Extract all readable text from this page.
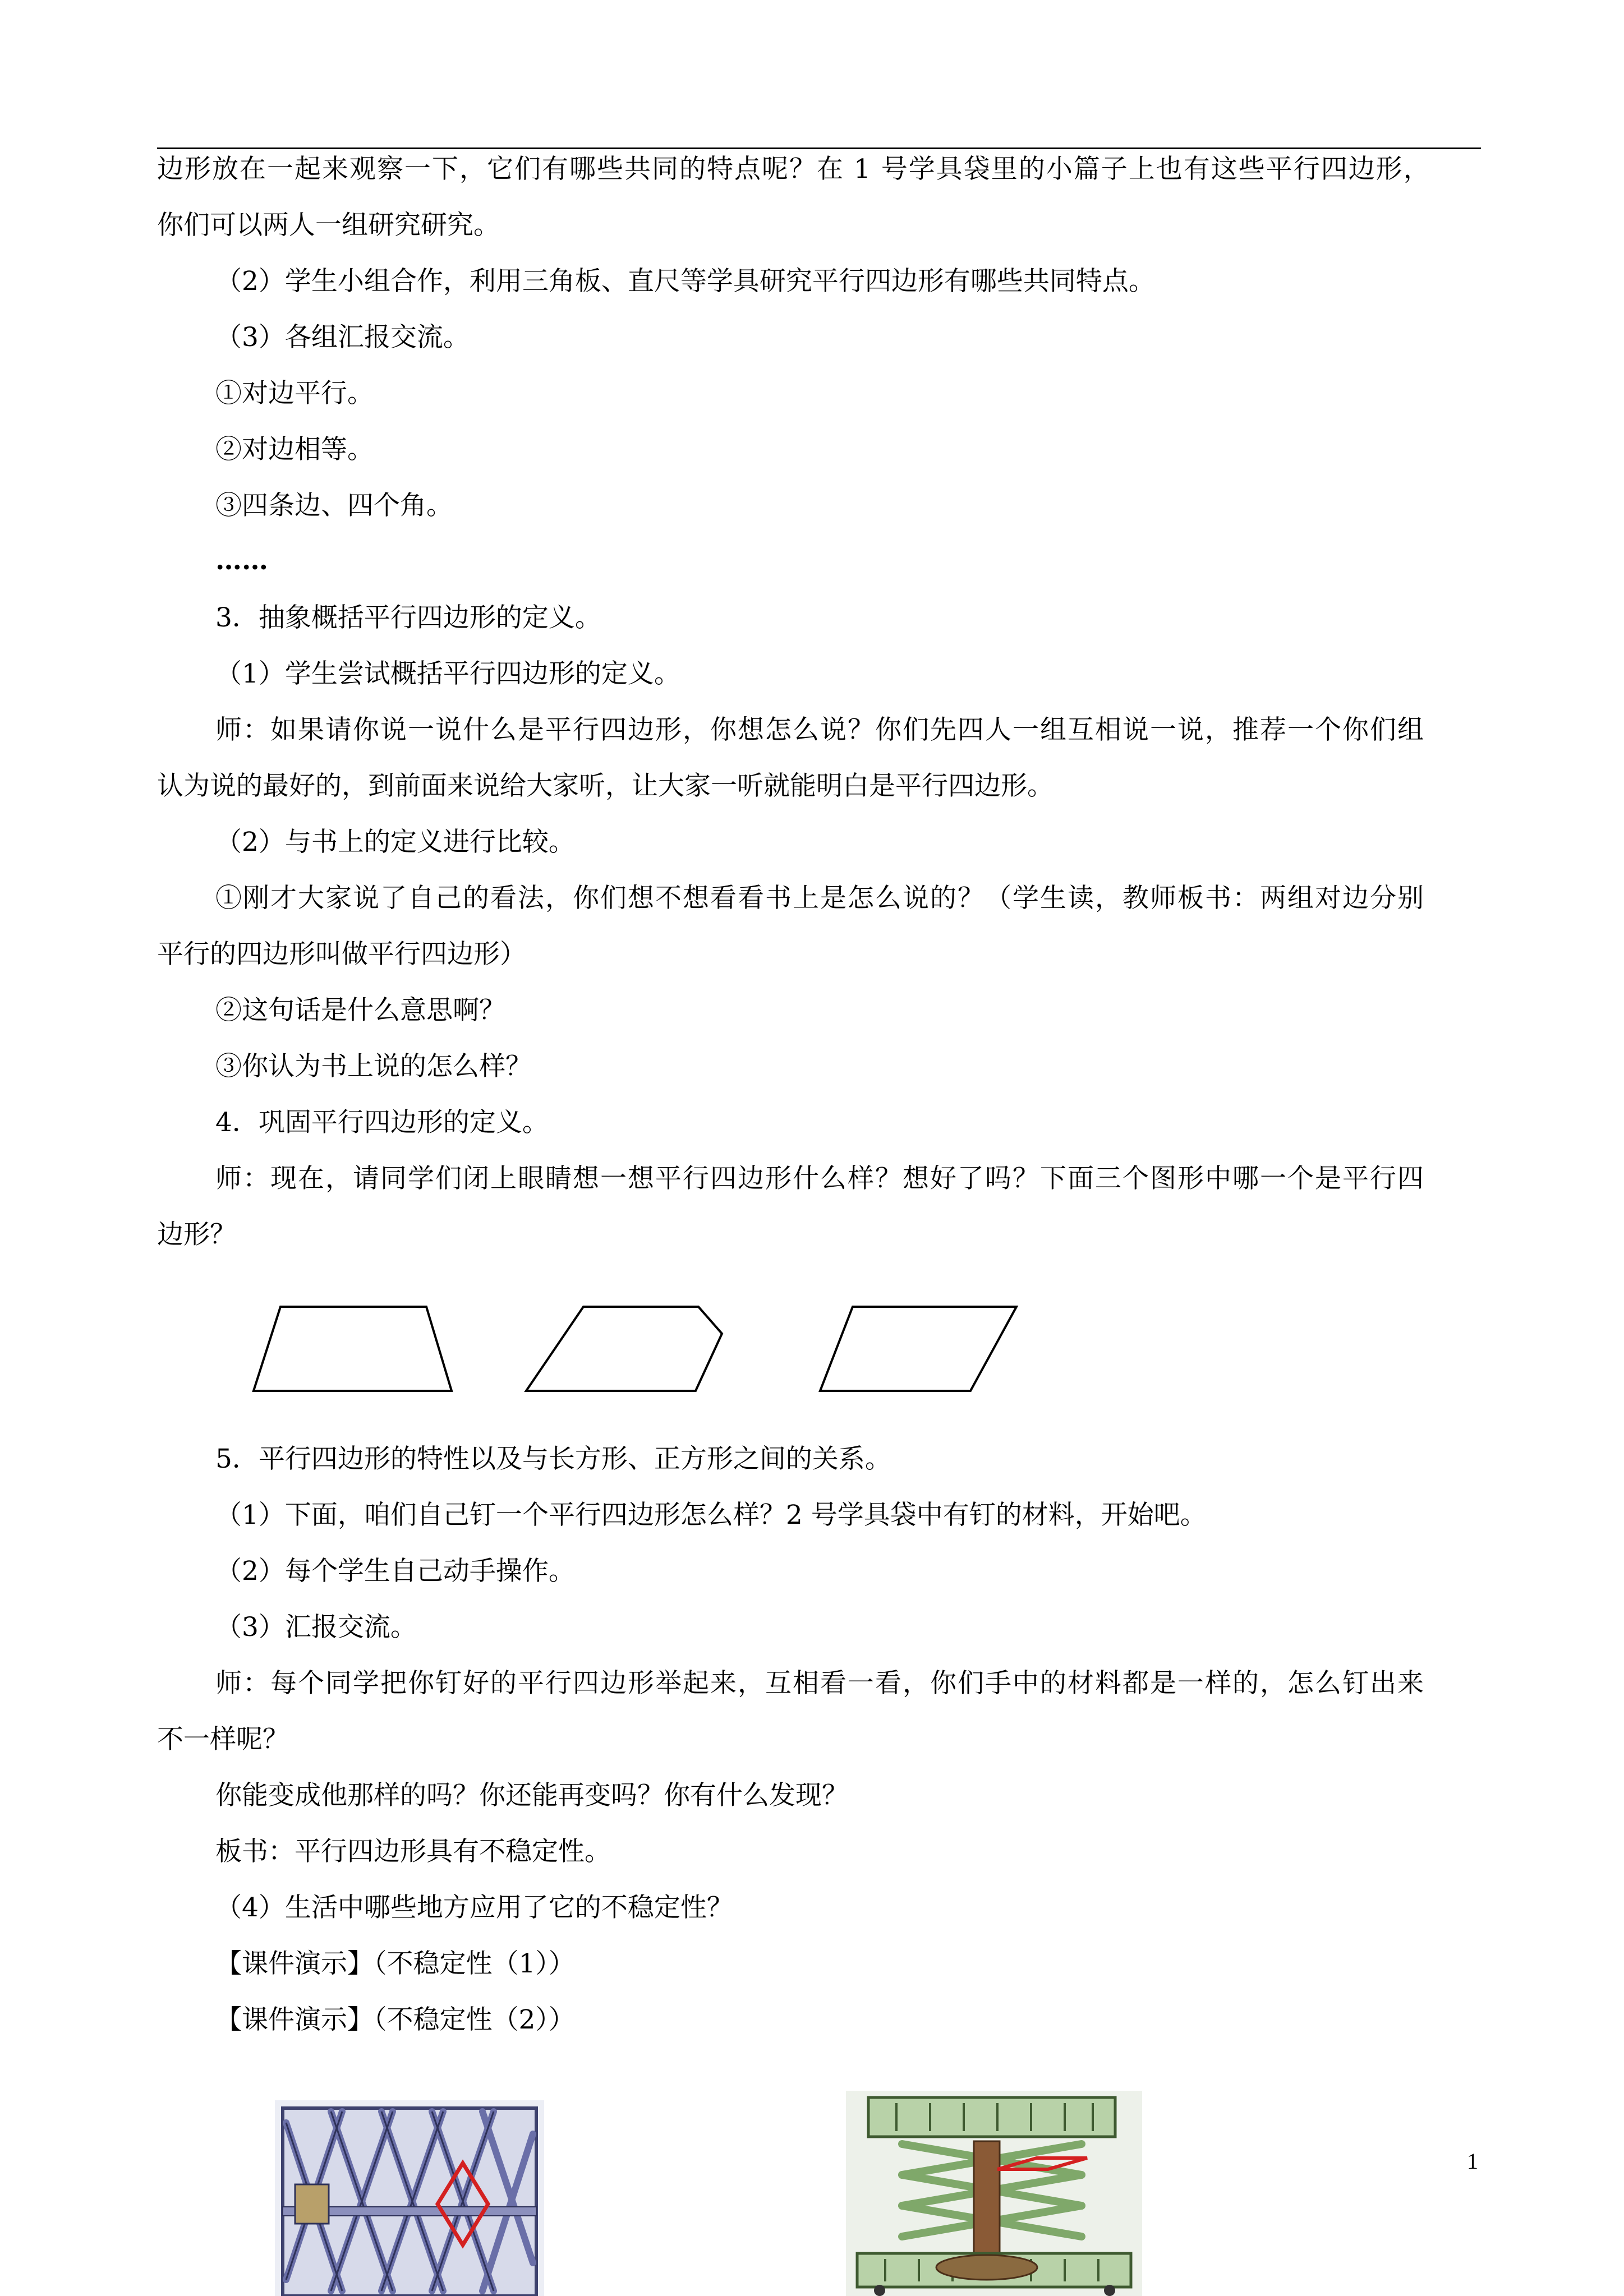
边形放在一起来观察一下，它们有哪些共同的特点呢？在 1 号学具袋里的小篇子上也有这些平行四边形，
你们可以两人一组研究研究。
（2）学生小组合作，利用三角板、直尺等学具研究平行四边形有哪些共同特点。
（3）各组汇报交流。
①对边平行。
②对边相等。
③四条边、四个角。
……
3．抽象概括平行四边形的定义。
（1）学生尝试概括平行四边形的定义。
师：如果请你说一说什么是平行四边形，你想怎么说？你们先四人一组互相说一说，推荐一个你们组
认为说的最好的，到前面来说给大家听，让大家一听就能明白是平行四边形。
（2）与书上的定义进行比较。
①刚才大家说了自己的看法，你们想不想看看书上是怎么说的？（学生读，教师板书：两组对边分别
平行的四边形叫做平行四边形）
②这句话是什么意思啊？
③你认为书上说的怎么样？
4．巩固平行四边形的定义。
师：现在，请同学们闭上眼睛想一想平行四边形什么样？想好了吗？下面三个图形中哪一个是平行四
边形？
5．平行四边形的特性以及与长方形、正方形之间的关系。
（1）下面，咱们自己钉一个平行四边形怎么样？2 号学具袋中有钉的材料，开始吧。
（2）每个学生自己动手操作。
（3）汇报交流。
师：每个同学把你钉好的平行四边形举起来，互相看一看，你们手中的材料都是一样的，怎么钉出来
不一样呢？
你能变成他那样的吗？你还能再变吗？你有什么发现？
板书：平行四边形具有不稳定性。
（4）生活中哪些地方应用了它的不稳定性？
【课件演示】（不稳定性（1））
【课件演示】（不稳定性（2））
1
